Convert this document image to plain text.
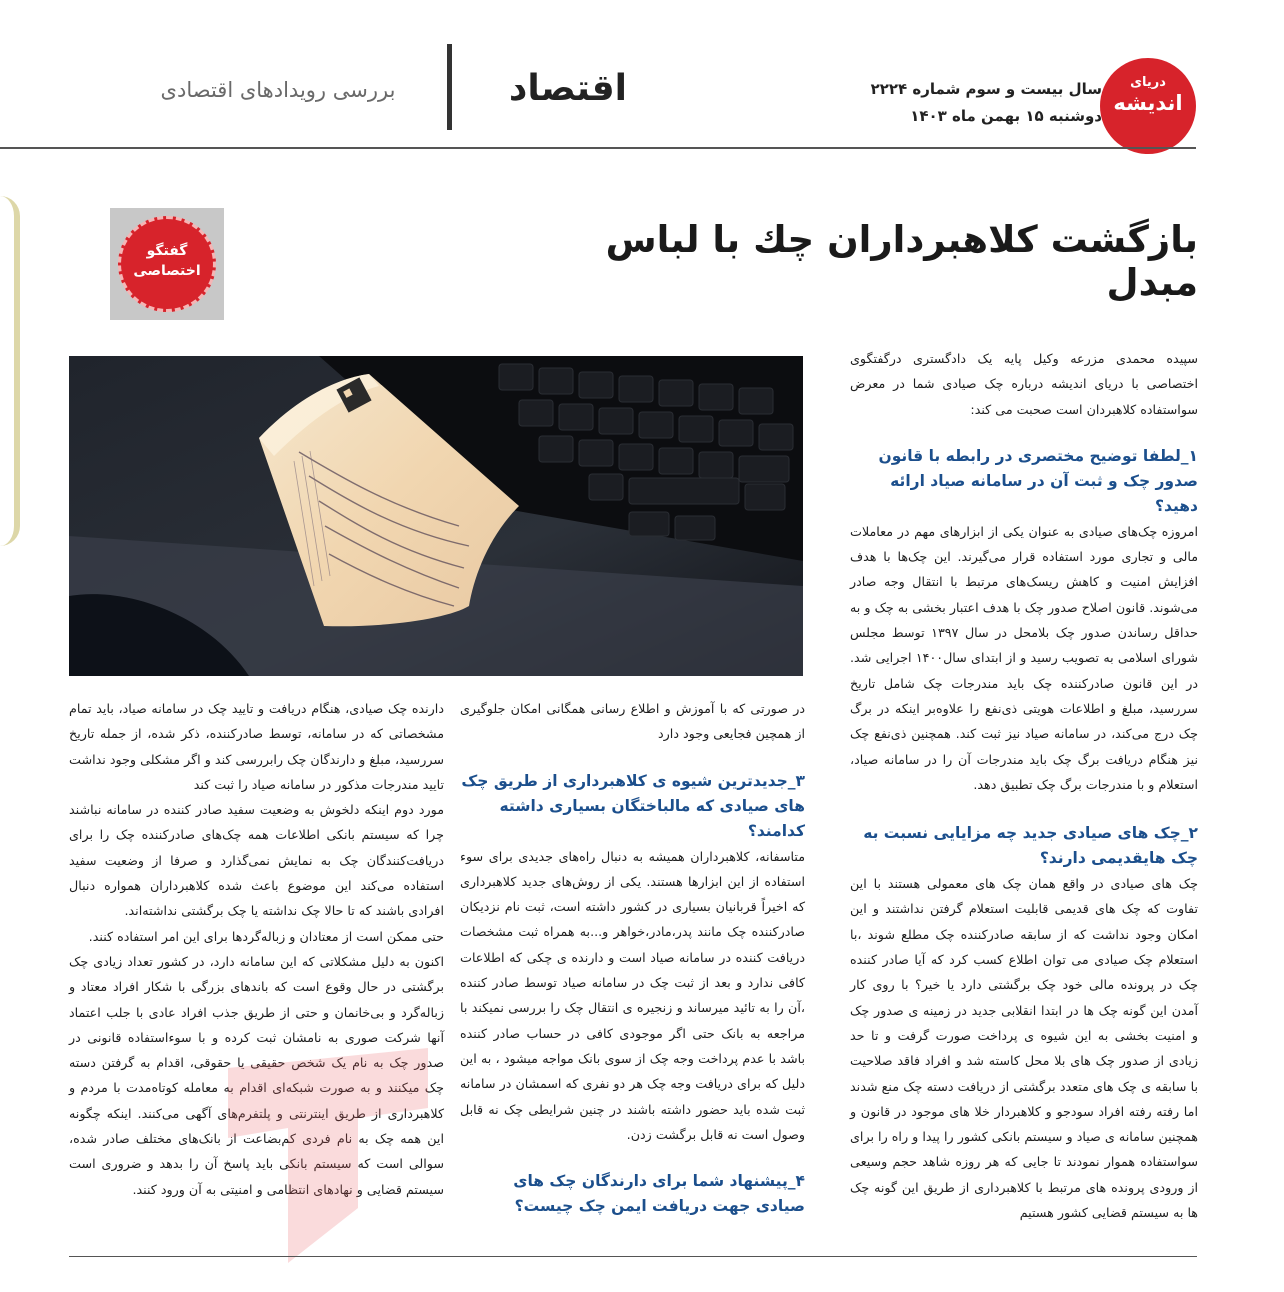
دریای
اندیشه
سال بیست و سوم شماره ۲۲۲۴
دوشنبه ۱۵ بهمن ماه ۱۴۰۳
اقتصاد
بررسی رویدادهای اقتصادی
بازگشت کلاهبرداران چك با لباس مبدل
گفتگو
اختصاصی

سپیده محمدی مزرعه وکیل پایه یک دادگستری درگفتگوی اختصاصی با دریای اندیشه درباره چک صیادی شما در معرض سواستفاده کلاهبردان است صحبت می کند:

۱_لطفا توضیح مختصری در رابطه با قانون صدور چک و ثبت آن در سامانه صیاد ارائه دهید؟

امروزه چک‌های صیادی به عنوان یکی از ابزارهای مهم در معاملات مالی و تجاری مورد استفاده قرار می‌گیرند. این چک‌ها با هدف افزایش امنیت و کاهش ریسک‌های مرتبط با انتقال وجه صادر می‌شوند. قانون اصلاح صدور چک با هدف اعتبار بخشی به چک و به حداقل رساندن صدور چک بلامحل در سال ۱۳۹۷ توسط مجلس شورای اسلامی به تصویب رسید و از ابتدای سال۱۴۰۰ اجرایی شد. در این قانون صادرکننده چک باید مندرجات چک شامل تاریخ سررسید، مبلغ و اطلاعات هویتی ذی‌نفع را علاوه‌بر اینکه در برگ چک درج می‌کند، در سامانه صیاد نیز ثبت کند. همچنین ذی‌نفع چک نیز هنگام دریافت برگ چک باید مندرجات آن را در سامانه صیاد، استعلام و با مندرجات برگ چک تطبیق دهد.

۲_چک های صیادی جدید چه مزایایی نسبت به چک هایقدیمی دارند؟

چک های صیادی در واقع همان چک های معمولی هستند با این تفاوت که چک های قدیمی قابلیت استعلام گرفتن نداشتند و این امکان وجود نداشت که از سابقه صادرکننده چک مطلع شوند ،با استعلام چک صیادی می توان اطلاع کسب کرد که آیا صادر کننده چک در پرونده مالی خود چک برگشتی دارد یا خیر؟ با روی کار آمدن این گونه چک ها در ابتدا انقلابی جدید در زمینه ی صدور چک و امنیت بخشی به این شیوه ی پرداخت صورت گرفت و تا حد زیادی از صدور چک های بلا محل کاسته شد و افراد فاقد صلاحیت با سابقه ی چک های متعدد برگشتی از دریافت دسته چک منع شدند اما رفته رفته افراد سودجو و کلاهبردار خلا های موجود در قانون و همچنین سامانه ی صیاد و سیستم بانکی کشور را پیدا و راه را برای سواستفاده هموار نمودند تا جایی که هر روزه شاهد حجم وسیعی از ورودی پرونده های مرتبط با کلاهبرداری از طریق این گونه چک ها به سیستم قضایی کشور هستیم

در صورتی که با آموزش و اطلاع رسانی همگانی امکان جلوگیری از همچین فجایعی وجود دارد

۳_جدیدترین شیوه ی کلاهبرداری از طریق چک های صیادی که مالباختگان بسیاری داشته کدامند؟

متاسفانه، کلاهبرداران همیشه به دنبال راه‌های جدیدی برای سوء استفاده از این ابزارها هستند. یکی از روش‌های جدید کلاهبرداری که اخیراً قربانیان بسیاری در کشور داشته است، ثبت نام نزدیکان صادرکننده چک مانند پدر،مادر،خواهر و...به همراه ثبت مشخصات دریافت کننده در سامانه صیاد است و دارنده ی چکی که اطلاعات کافی ندارد و بعد از ثبت چک در سامانه صیاد توسط صادر کننده ،آن را به تائید میرساند و زنجیره ی انتقال چک را بررسی نمیکند با مراجعه به بانک حتی اگر موجودی کافی در حساب صادر کننده باشد با عدم پرداخت وجه چک از سوی بانک مواجه میشود ، به این دلیل که برای دریافت وجه چک هر دو نفری که اسمشان در سامانه ثبت شده باید حضور داشته باشند در چنین شرایطی چک نه قابل وصول است نه قابل برگشت زدن.

۴_پیشنهاد شما برای دارندگان چک های صیادی جهت دریافت ایمن چک چیست؟

دارنده چک صیادی، هنگام دریافت و تایید چک در سامانه صیاد، باید تمام مشخصاتی که در سامانه، توسط صادرکننده، ذکر شده، از جمله تاریخ سررسید، مبلغ و دارندگان چک رابررسی کند و اگر مشکلی وجود نداشت تایید مندرجات مذکور در سامانه صیاد را ثبت کند

مورد دوم اینکه دلخوش به وضعیت سفید صادر کننده در سامانه نباشند چرا که سیستم بانکی اطلاعات همه چک‌های صادرکننده چک را برای دریافت‌کنندگان چک به نمایش نمی‌گذارد و صرفا از وضعیت سفید استفاده می‌کند این موضوع باعث شده کلاهبرداران همواره دنبال افرادی باشند که تا حالا چک نداشته یا چک برگشتی نداشته‌اند.

حتی ممکن است از معتادان و زباله‌گردها برای این امر استفاده کنند.

اکنون به دلیل مشکلاتی که این سامانه دارد، در کشور تعداد زیادی چک برگشتی در حال وقوع است که باندهای بزرگی با شکار افراد معتاد و زباله‌گرد و بی‌خانمان و حتی از طریق جذب افراد عادی با جلب اعتماد آنها شرکت صوری به نامشان ثبت کرده و با سوءاستفاده قانونی در صدور چک به نام یک شخص حقیقی یا حقوقی، اقدام به گرفتن دسته چک میکنند و به صورت شبکه‌ای اقدام به معامله کوتاه‌مدت با مردم و کلاهبرداری از طریق اینترنتی و پلتفرم‌های آگهی می‌کنند. اینکه چگونه این همه چک به نام فردی کم‌بضاعت از بانک‌های مختلف صادر شده، سوالی است که سیستم بانکی باید پاسخ آن را بدهد و ضروری است سیستم قضایی و نهادهای انتظامی و امنیتی به آن ورود کنند.
